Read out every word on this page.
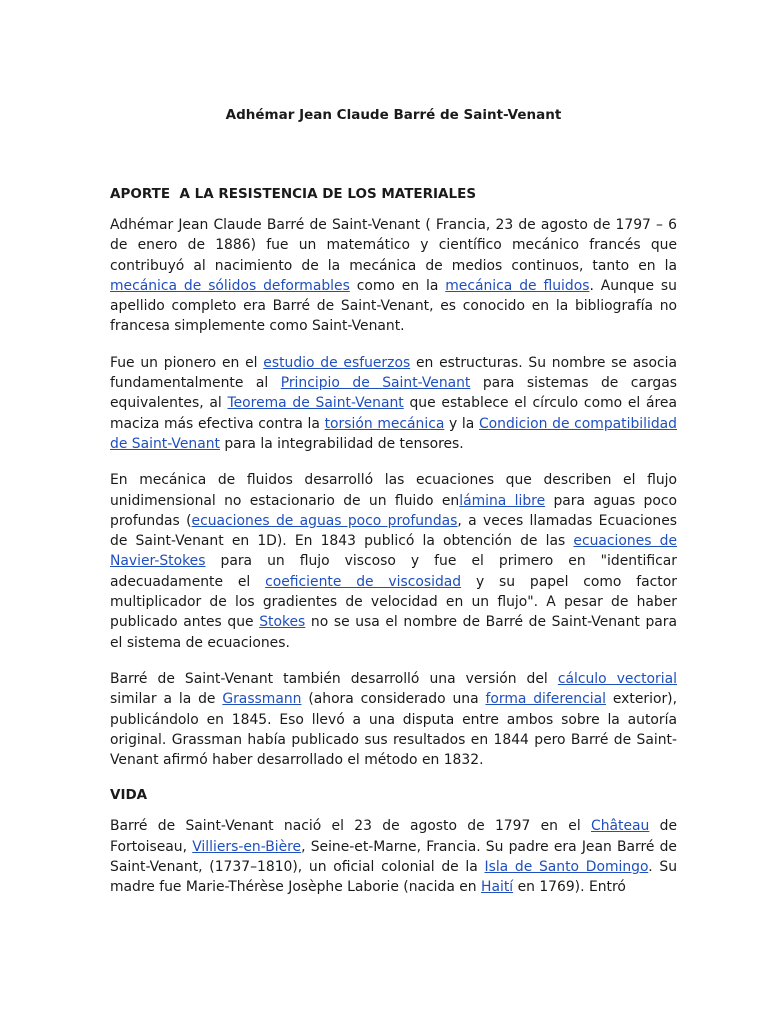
Adhémar Jean Claude Barré de Saint-Venant
APORTE  A LA RESISTENCIA DE LOS MATERIALES

Adhémar Jean Claude Barré de Saint-Venant ( Francia, 23 de agosto de 1797 – 6 de enero de 1886) fue un matemático y científico mecánico francés que contribuyó al nacimiento de la mecánica de medios continuos, tanto en la mecánica de sólidos deformables como en la mecánica de fluidos. Aunque su apellido completo era Barré de Saint-Venant, es conocido en la bibliografía no francesa simplemente como Saint-Venant.

Fue un pionero en el estudio de esfuerzos en estructuras. Su nombre se asocia fundamentalmente al Principio de Saint-Venant para sistemas de cargas equivalentes, al Teorema de Saint-Venant que establece el círculo como el área maciza más efectiva contra la torsión mecánica y la Condicion de compatibilidad de Saint-Venant para la integrabilidad de tensores.

En mecánica de fluidos desarrolló las ecuaciones que describen el flujo unidimensional no estacionario de un fluido enlámina libre para aguas poco profundas (ecuaciones de aguas poco profundas, a veces llamadas Ecuaciones de Saint-Venant en 1D). En 1843 publicó la obtención de las ecuaciones de Navier-Stokes para un flujo viscoso y fue el primero en "identificar adecuadamente el coeficiente de viscosidad y su papel como factor multiplicador de los gradientes de velocidad en un flujo". A pesar de haber publicado antes que Stokes no se usa el nombre de Barré de Saint-Venant para el sistema de ecuaciones.

Barré de Saint-Venant también desarrolló una versión del cálculo vectorial similar a la de Grassmann (ahora considerado una forma diferencial exterior), publicándolo en 1845. Eso llevó a una disputa entre ambos sobre la autoría original. Grassman había publicado sus resultados en 1844 pero Barré de Saint-Venant afirmó haber desarrollado el método en 1832.

VIDA

Barré de Saint-Venant nació el 23 de agosto de 1797 en el Château de Fortoiseau, Villiers-en-Bière, Seine-et-Marne, Francia. Su padre era Jean Barré de Saint-Venant, (1737–1810), un oficial colonial de la Isla de Santo Domingo. Su madre fue Marie-Thérèse Josèphe Laborie (nacida en Haití en 1769). Entró
